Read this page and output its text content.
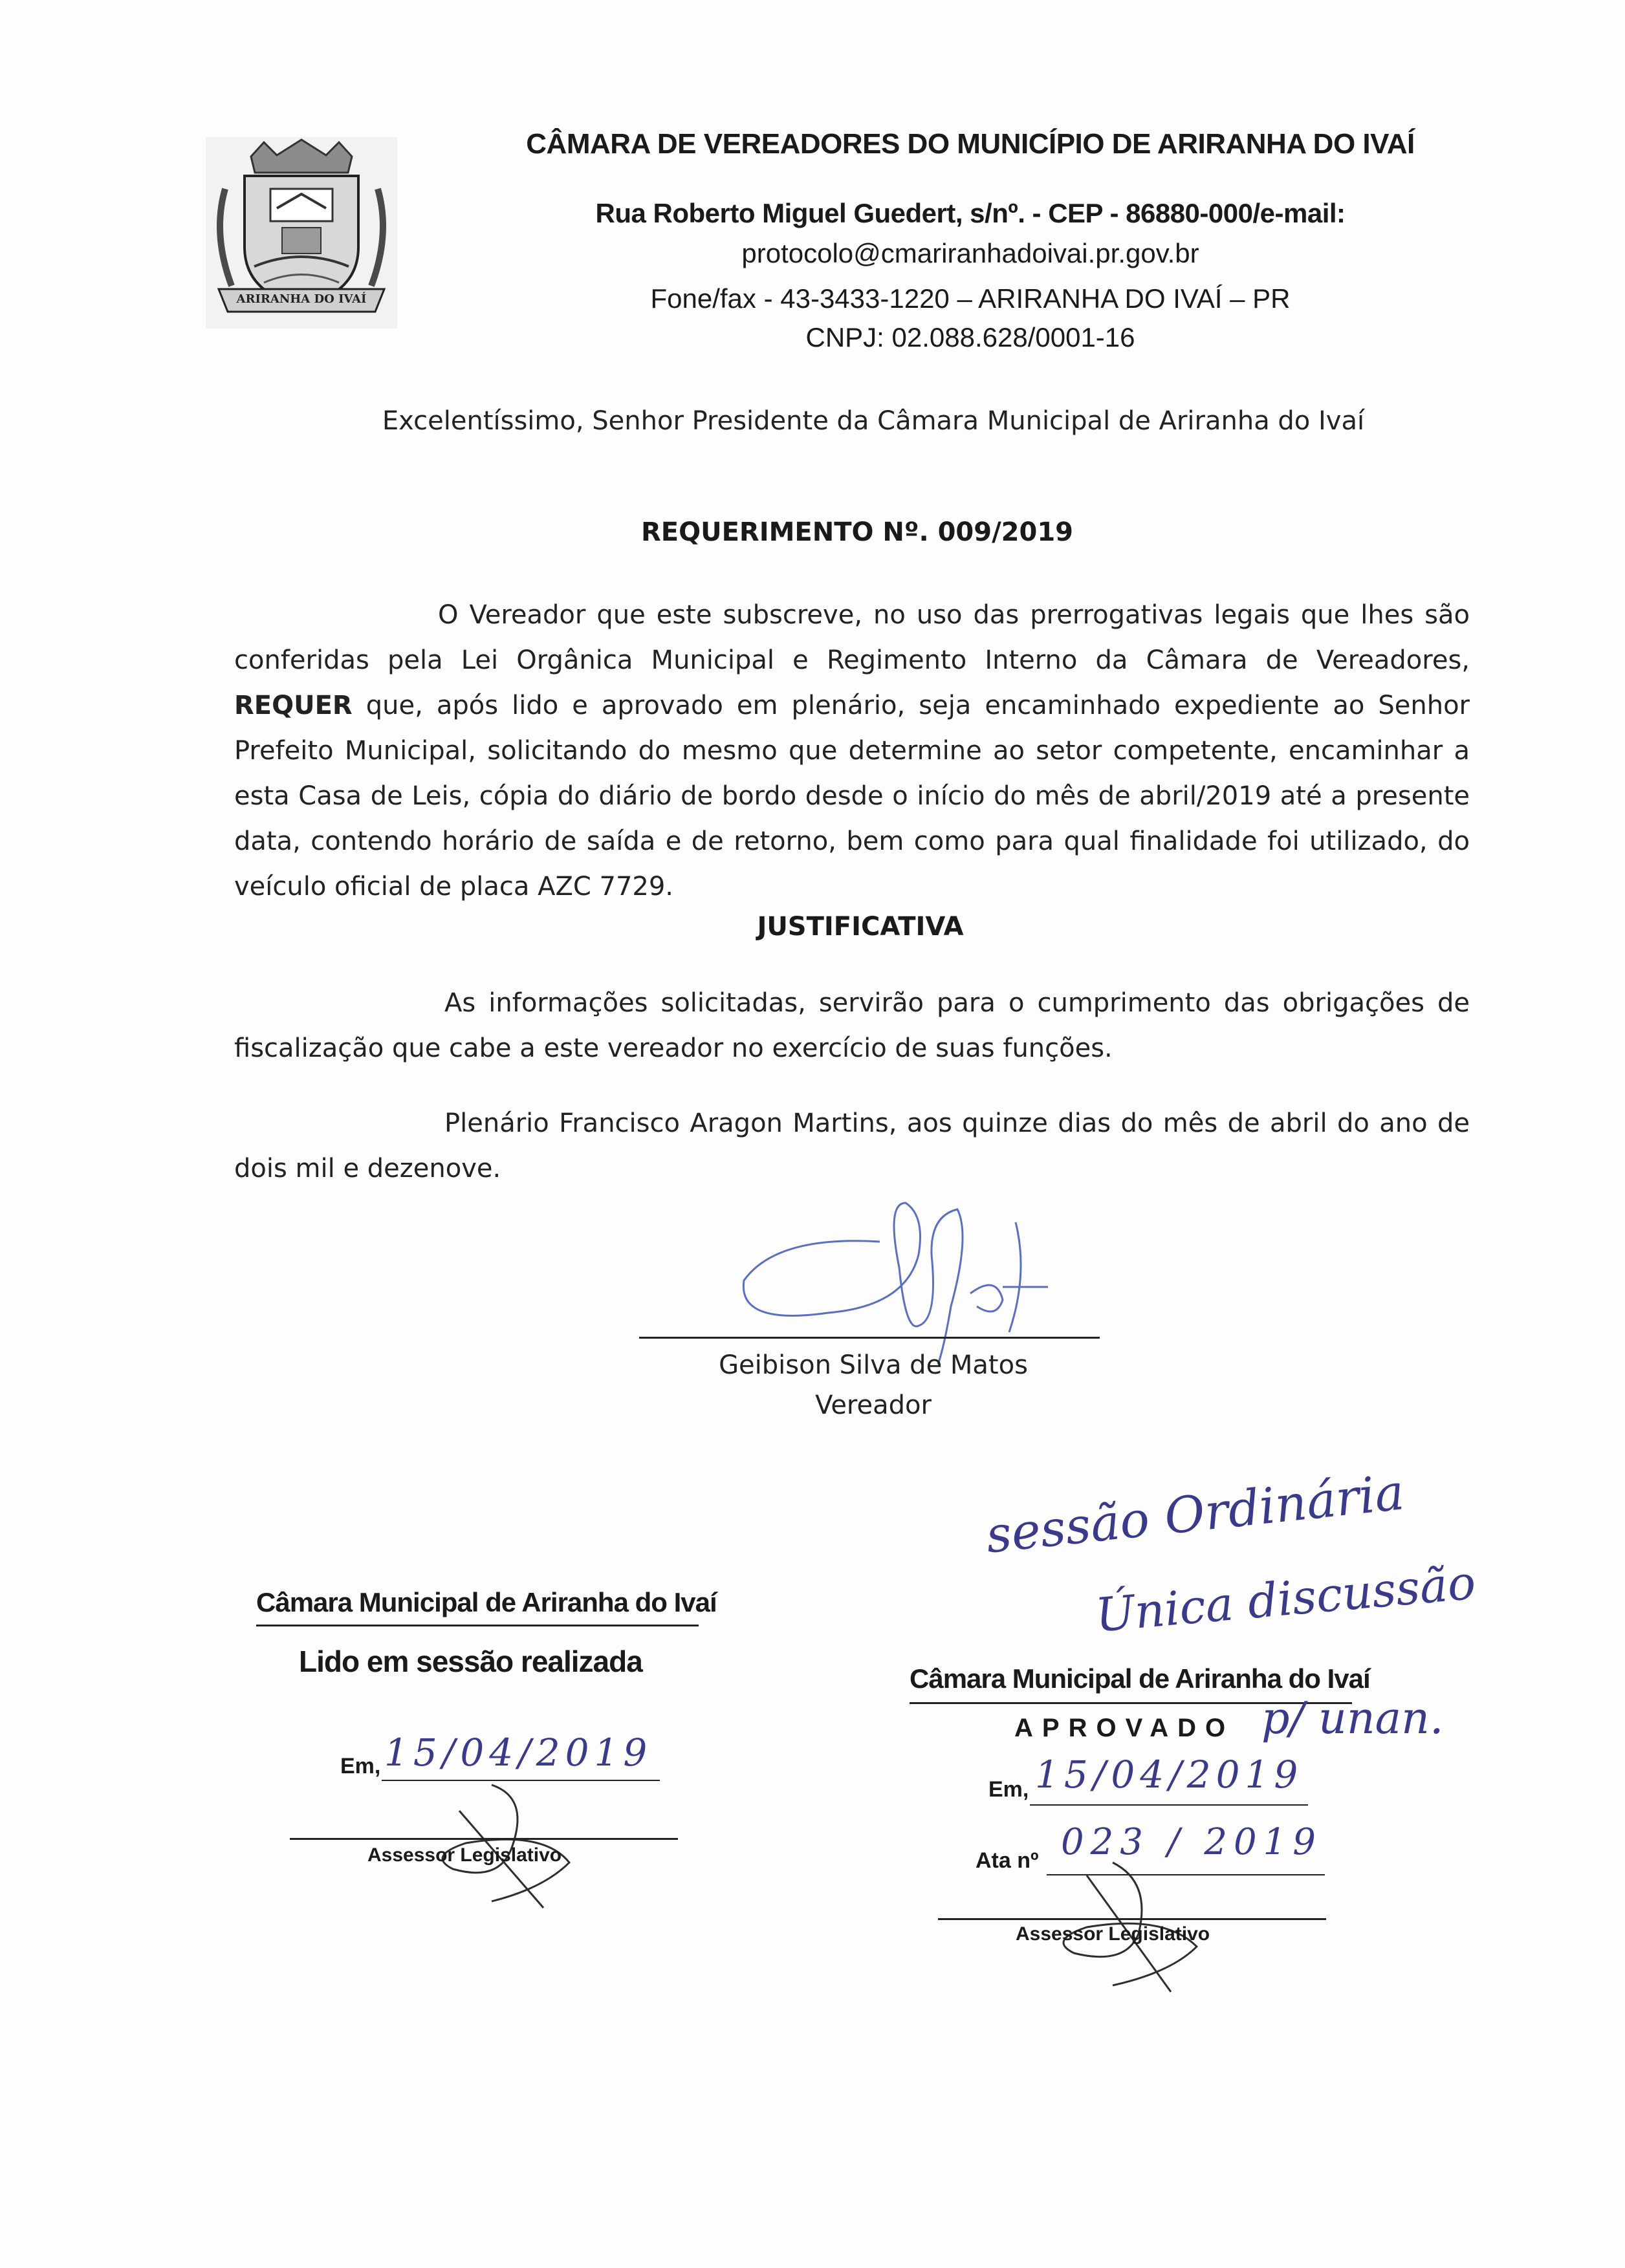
ARIRANHA DO IVAÍ
CÂMARA DE VEREADORES DO MUNICÍPIO DE ARIRANHA DO IVAÍ
Rua Roberto Miguel Guedert, s/nº. - CEP - 86880-000/e-mail:
protocolo@cmariranhadoivai.pr.gov.br
Fone/fax - 43-3433-1220 – ARIRANHA DO IVAÍ – PR
CNPJ: 02.088.628/0001-16
Excelentíssimo, Senhor Presidente da Câmara Municipal de Ariranha do Ivaí
REQUERIMENTO Nº. 009/2019
O Vereador que este subscreve, no uso das prerrogativas legais que lhes são conferidas pela Lei Orgânica Municipal e Regimento Interno da Câmara de Vereadores, REQUER que, após lido e aprovado em plenário, seja encaminhado expediente ao Senhor Prefeito Municipal, solicitando do mesmo que determine ao setor competente, encaminhar a esta Casa de Leis, cópia do diário de bordo desde o início do mês de abril/2019 até a presente data, contendo horário de saída e de retorno, bem como para qual finalidade foi utilizado, do veículo oficial de placa AZC 7729.
JUSTIFICATIVA
As informações solicitadas, servirão para o cumprimento das obrigações de fiscalização que cabe a este vereador no exercício de suas funções.
Plenário Francisco Aragon Martins, aos quinze dias do mês de abril do ano de dois mil e dezenove.
Geibison Silva de Matos
Vereador
Câmara Municipal de Ariranha do Ivaí
Lido em sessão realizada
Em, 15/04/2019
Assessor Legislativo
sessão Ordinária
Única discussão
Câmara Municipal de Ariranha do Ivaí
APROVADO p/ unan.
Em, 15/04/2019
Ata nº 023 / 2019
Assessor Legislativo
